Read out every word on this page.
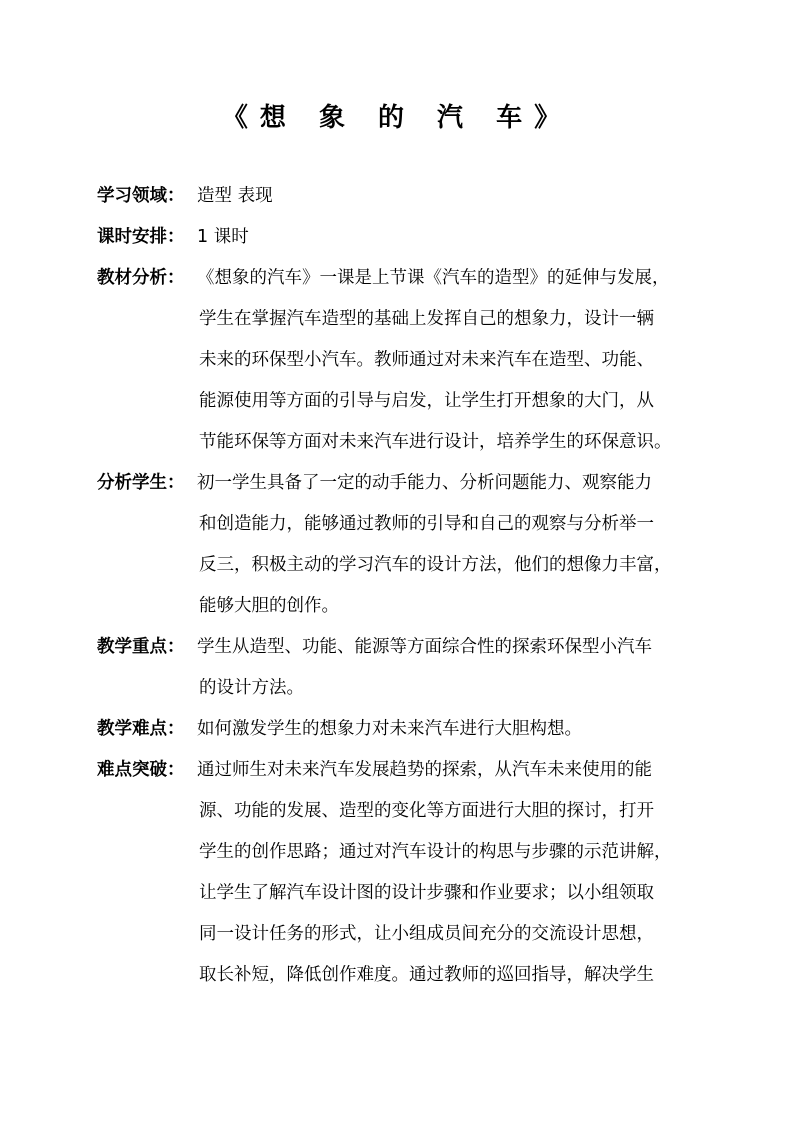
《想 象 的 汽 车》
学习领域： 造型 表现
课时安排： 1 课时
教材分析： 《想象的汽车》一课是上节课《汽车的造型》的延伸与发展，
学生在掌握汽车造型的基础上发挥自己的想象力，设计一辆
未来的环保型小汽车。教师通过对未来汽车在造型、功能、
能源使用等方面的引导与启发，让学生打开想象的大门，从
节能环保等方面对未来汽车进行设计，培养学生的环保意识。
分析学生： 初一学生具备了一定的动手能力、分析问题能力、观察能力
和创造能力，能够通过教师的引导和自己的观察与分析举一
反三，积极主动的学习汽车的设计方法，他们的想像力丰富，
能够大胆的创作。
教学重点： 学生从造型、功能、能源等方面综合性的探索环保型小汽车
的设计方法。
教学难点： 如何激发学生的想象力对未来汽车进行大胆构想。
难点突破： 通过师生对未来汽车发展趋势的探索，从汽车未来使用的能
源、功能的发展、造型的变化等方面进行大胆的探讨，打开
学生的创作思路；通过对汽车设计的构思与步骤的示范讲解，
让学生了解汽车设计图的设计步骤和作业要求；以小组领取
同一设计任务的形式，让小组成员间充分的交流设计思想，
取长补短，降低创作难度。通过教师的巡回指导，解决学生
